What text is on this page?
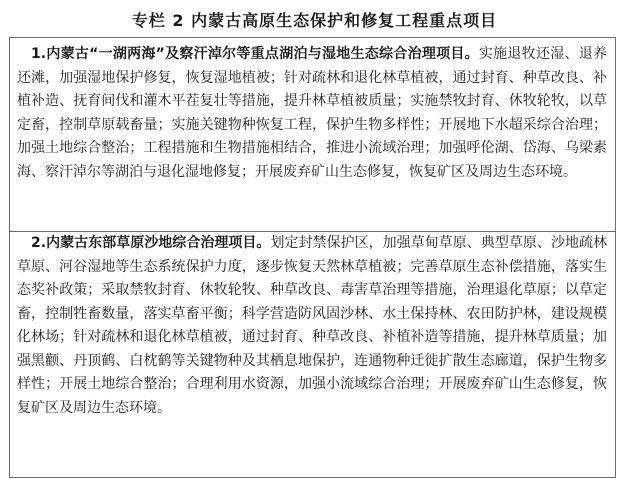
专栏 2 内蒙古高原生态保护和修复工程重点项目

1.内蒙古“一湖两海”及察汗淖尔等重点湖泊与湿地生态综合治理项目。实施退牧还湿、退养还滩，加强湿地保护修复，恢复湿地植被；针对疏林和退化林草植被，通过封育、种草改良、补植补造、抚育间伐和灌木平茬复壮等措施，提升林草植被质量；实施禁牧封育、休牧轮牧，以草定畜，控制草原载畜量；实施关键物种恢复工程，保护生物多样性；开展地下水超采综合治理；加强土地综合整治；工程措施和生物措施相结合，推进小流域治理；加强呼伦湖、岱海、乌梁素海、察汗淖尔等湖泊与退化湿地修复；开展废弃矿山生态修复，恢复矿区及周边生态环境。

2.内蒙古东部草原沙地综合治理项目。划定封禁保护区，加强草甸草原、典型草原、沙地疏林草原、河谷湿地等生态系统保护力度，逐步恢复天然林草植被；完善草原生态补偿措施，落实生态奖补政策；采取禁牧封育、休牧轮牧、种草改良、毒害草治理等措施，治理退化草原；以草定畜，控制牲畜数量，落实草畜平衡；科学营造防风固沙林、水土保持林、农田防护林，建设规模化林场；针对疏林和退化林草植被，通过封育、种草改良、补植补造等措施，提升林草质量；加强黑颧、丹顶鹤、白枕鹤等关键物种及其栖息地保护，连通物种迁徙扩散生态廊道，保护生物多样性；开展土地综合整治；合理利用水资源，加强小流域综合治理；开展废弃矿山生态修复，恢复矿区及周边生态环境。
